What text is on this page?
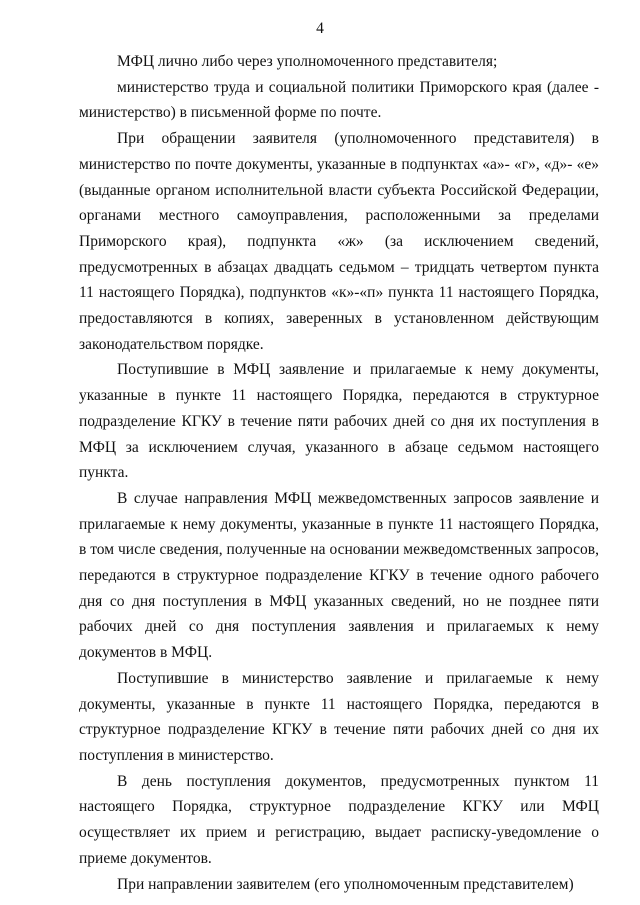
4

МФЦ лично либо через уполномоченного представителя;

министерство труда и социальной политики Приморского края (далее - министерство) в письменной форме по почте.

При обращении заявителя (уполномоченного представителя) в министерство по почте документы, указанные в подпунктах «а»- «г», «д»- «е» (выданные органом исполнительной власти субъекта Российской Федерации, органами местного самоуправления, расположенными за пределами Приморского края), подпункта «ж» (за исключением сведений, предусмотренных в абзацах двадцать седьмом – тридцать четвертом пункта 11 настоящего Порядка), подпунктов «к»-«п» пункта 11 настоящего Порядка, предоставляются в копиях, заверенных в установленном действующим законодательством порядке.

Поступившие в МФЦ заявление и прилагаемые к нему документы, указанные в пункте 11 настоящего Порядка, передаются в структурное подразделение КГКУ в течение пяти рабочих дней со дня их поступления в МФЦ за исключением случая, указанного в абзаце седьмом настоящего пункта.

В случае направления МФЦ межведомственных запросов заявление и прилагаемые к нему документы, указанные в пункте 11 настоящего Порядка, в том числе сведения, полученные на основании межведомственных запросов, передаются в структурное подразделение КГКУ в течение одного рабочего дня со дня поступления в МФЦ указанных сведений, но не позднее пяти рабочих дней со дня поступления заявления и прилагаемых к нему документов в МФЦ.

Поступившие в министерство заявление и прилагаемые к нему документы, указанные в пункте 11 настоящего Порядка, передаются в структурное подразделение КГКУ в течение пяти рабочих дней со дня их поступления в министерство.

В день поступления документов, предусмотренных пунктом 11 настоящего Порядка, структурное подразделение КГКУ или МФЦ осуществляет их прием и регистрацию, выдает расписку-уведомление о приеме документов.

При направлении заявителем (его уполномоченным представителем)
